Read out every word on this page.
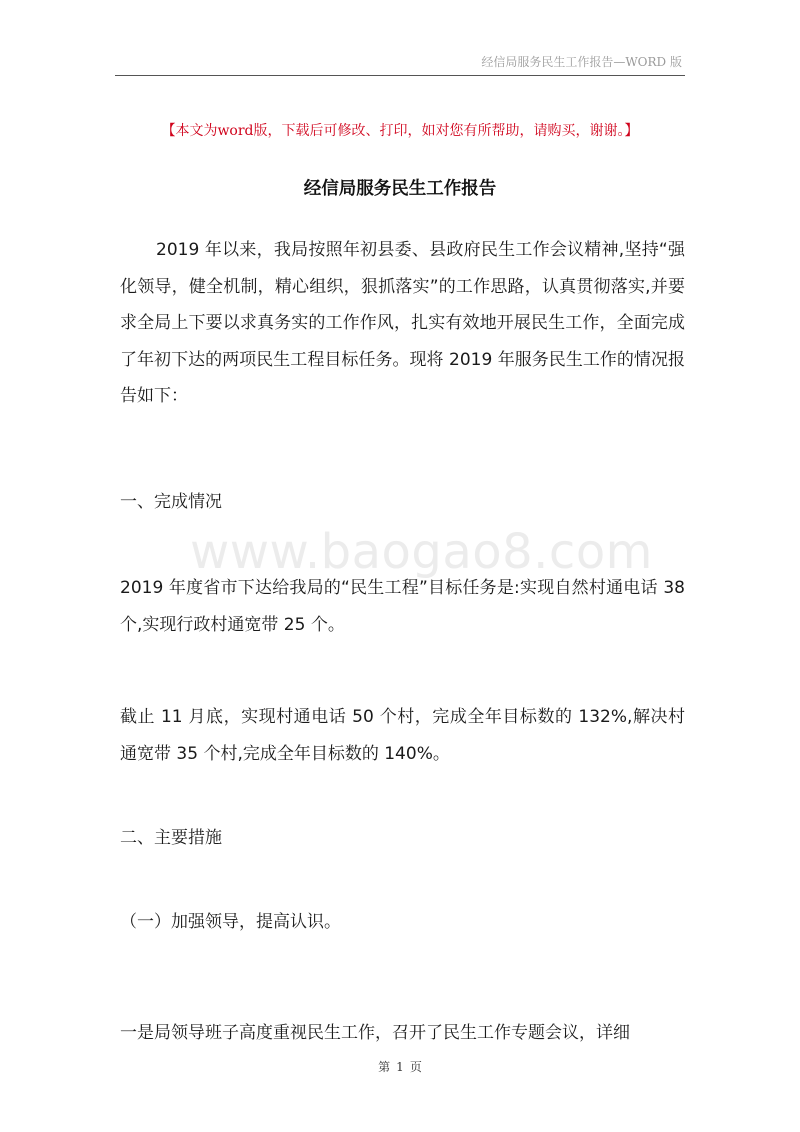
经信局服务民生工作报告—WORD 版
【本文为word版，下载后可修改、打印，如对您有所帮助，请购买，谢谢。】
经信局服务民生工作报告
www.baogao8.com
2019 年以来，我局按照年初县委、县政府民生工作会议精神,坚持“强化领导，健全机制，精心组织，狠抓落实”的工作思路，认真贯彻落实,并要求全局上下要以求真务实的工作作风，扎实有效地开展民生工作，全面完成了年初下达的两项民生工程目标任务。现将 2019 年服务民生工作的情况报告如下：
一、完成情况
2019 年度省市下达给我局的“民生工程”目标任务是:实现自然村通电话 38 个,实现行政村通宽带 25 个。
截止 11 月底，实现村通电话 50 个村，完成全年目标数的 132%,解决村通宽带 35 个村,完成全年目标数的 140%。
二、主要措施
（一）加强领导，提高认识。
一是局领导班子高度重视民生工作，召开了民生工作专题会议，详细
第 1 页
